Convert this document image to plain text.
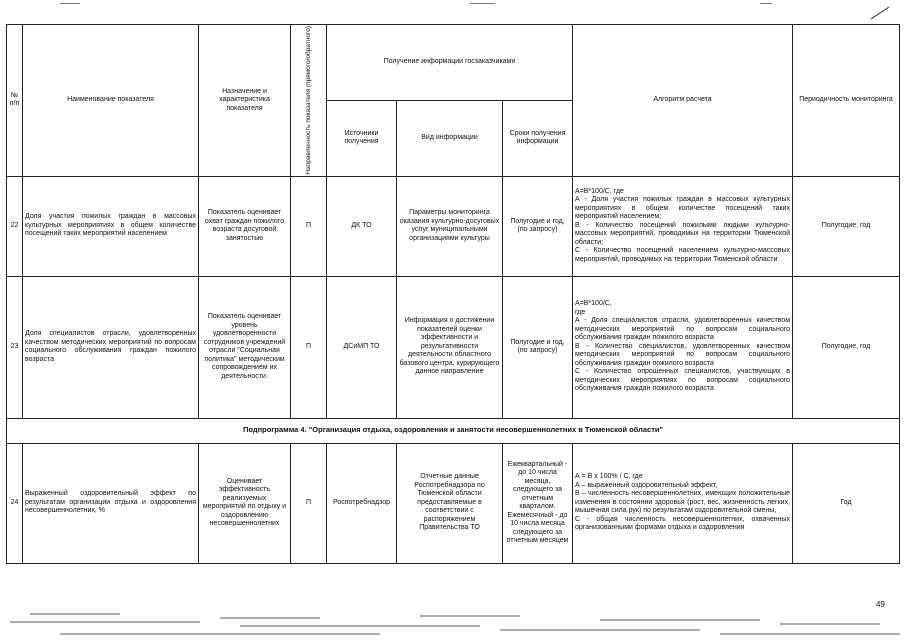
№ п/п	Наименование показателя	Назначение и характеристика показателя	Направленность показателя (прямого/обратного)	Получение информации госзаказчиками			Алгоритм расчета	Периодичность мониторинга
				Источники получения	Вид информации	Сроки получения информации		
22	Доля участия пожилых граждан в массовых культурных мероприятиях в общем количестве посещений таких мероприятий населением	Показатель оценивает охват граждан пожилого возраста досуговой занятостью	П	ДК ТО	Параметры мониторинга оказания культурно-досуговых услуг муниципальными организациями культуры	Полугодие и год, (по запросу)	А=В*100/С, где
А - Доля участия пожилых граждан в массовых культурных мероприятиях в общем количестве посещений таких мероприятий населением;
В - Количество посещений пожилыми людьми культурно-массовых мероприятий, проводимых на территории Тюменской области;
С - Количество посещений населением культурно-массовых мероприятий, проводимых на территории Тюменской области	Полугодие, год
23	Доля специалистов отрасли, удовлетворенных качеством методических мероприятий по вопросам социального обслуживания граждан пожилого возраста	Показатель оценивает уровень удовлетворенности сотрудников учреждений отрасли "Социальная политика" методическим сопровождением их деятельности.	П	ДСиМП ТО	Информация о достижении показателей оценки эффективности и результативности деятельности областного базового центра, курирующего данное направление	Полугодие и год, (по запросу)	А=В*100/С,
где
А - Доля специалистов отрасли, удовлетворенных качеством методических мероприятий по вопросам социального обслуживания граждан пожилого возраста
В - Количество специалистов, удовлетворенных качеством методических мероприятий по вопросам социального обслуживания граждан пожилого возраста
С - Количество опрошенных специалистов, участвующих в методических мероприятиях по вопросам социального обслуживания граждан пожилого возраста	Полугодие, год
Подпрограмма 4. "Организация отдыха, оздоровления и занятости несовершеннолетних в Тюменской области"								
24	Выраженный оздоровительный эффект по результатам организации отдыха и оздоровления несовершеннолетних, %	Оценивает эффективность реализуемых мероприятий по отдыху и оздоровлению несовершеннолетних	П	Роспотребнадзор	Отчетные данные Роспотребнадзора по Тюменской области предоставляемые в соответствии с распоряжением Правительства ТО	Ежеквартальный - до 10 числа месяца, следующего за отчетным кварталом. Ежемесячный - до 10 числа месяца следующего за отчетным месяцем	А = В х 100% / С, где
А – выраженный оздоровительный эффект,
В – численность несовершеннолетних, имеющих положительные изменения в состоянии здоровья (рост, вес, жизненность легких, мышечная сила рук) по результатам оздоровительной смены,
С - общая численность несовершеннолетних, охваченных организованными формами отдыха и оздоровления	Год
49
